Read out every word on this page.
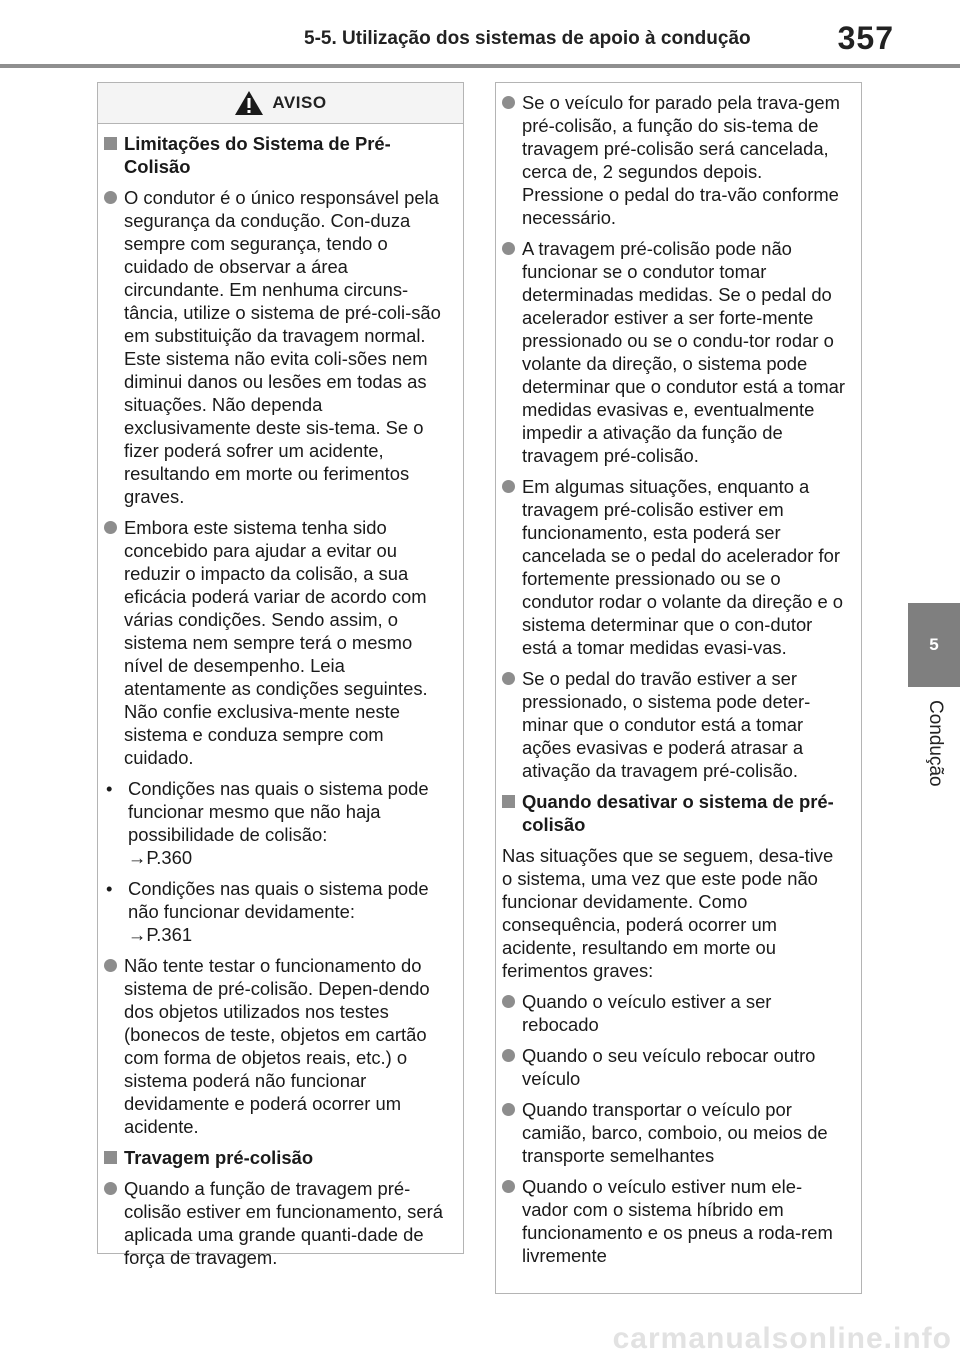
5-5. Utilização dos sistemas de apoio à condução	357
5
Condução
AVISO
Limitações do Sistema de Pré-Colisão
O condutor é o único responsável pela segurança da condução. Con-duza sempre com segurança, tendo o cuidado de observar a área circundante. Em nenhuma circuns-tância, utilize o sistema de pré-coli-são em substituição da travagem normal. Este sistema não evita coli-sões nem diminui danos ou lesões em todas as situações. Não dependa exclusivamente deste sis-tema. Se o fizer poderá sofrer um acidente, resultando em morte ou ferimentos graves.
Embora este sistema tenha sido concebido para ajudar a evitar ou reduzir o impacto da colisão, a sua eficácia poderá variar de acordo com várias condições. Sendo assim, o sistema nem sempre terá o mesmo nível de desempenho. Leia atentamente as condições seguintes. Não confie exclusiva-mente neste sistema e conduza sempre com cuidado.
• Condições nas quais o sistema pode funcionar mesmo que não haja possibilidade de colisão:
→P.360
• Condições nas quais o sistema pode não funcionar devidamente:
→P.361
Não tente testar o funcionamento do sistema de pré-colisão. Depen-dendo dos objetos utilizados nos testes (bonecos de teste, objetos em cartão com forma de objetos reais, etc.) o sistema poderá não funcionar devidamente e poderá ocorrer um acidente.
Travagem pré-colisão
Quando a função de travagem pré-colisão estiver em funcionamento, será aplicada uma grande quanti-dade de força de travagem.
Se o veículo for parado pela trava-gem pré-colisão, a função do sis-tema de travagem pré-colisão será cancelada, cerca de, 2 segundos depois. Pressione o pedal do tra-vão conforme necessário.
A travagem pré-colisão pode não funcionar se o condutor tomar determinadas medidas. Se o pedal do acelerador estiver a ser forte-mente pressionado ou se o condu-tor rodar o volante da direção, o sistema pode determinar que o condutor está a tomar medidas evasivas e, eventualmente impedir a ativação da função de travagem pré-colisão.
Em algumas situações, enquanto a travagem pré-colisão estiver em funcionamento, esta poderá ser cancelada se o pedal do acelerador for fortemente pressionado ou se o condutor rodar o volante da direção e o sistema determinar que o con-dutor está a tomar medidas evasi-vas.
Se o pedal do travão estiver a ser pressionado, o sistema pode deter-minar que o condutor está a tomar ações evasivas e poderá atrasar a ativação da travagem pré-colisão.
Quando desativar o sistema de pré-colisão
Nas situações que se seguem, desa-tive o sistema, uma vez que este pode não funcionar devidamente. Como consequência, poderá ocorrer um acidente, resultando em morte ou ferimentos graves:
Quando o veículo estiver a ser rebocado
Quando o seu veículo rebocar outro veículo
Quando transportar o veículo por camião, barco, comboio, ou meios de transporte semelhantes
Quando o veículo estiver num ele-vador com o sistema híbrido em funcionamento e os pneus a roda-rem livremente
carmanualsonline.info
